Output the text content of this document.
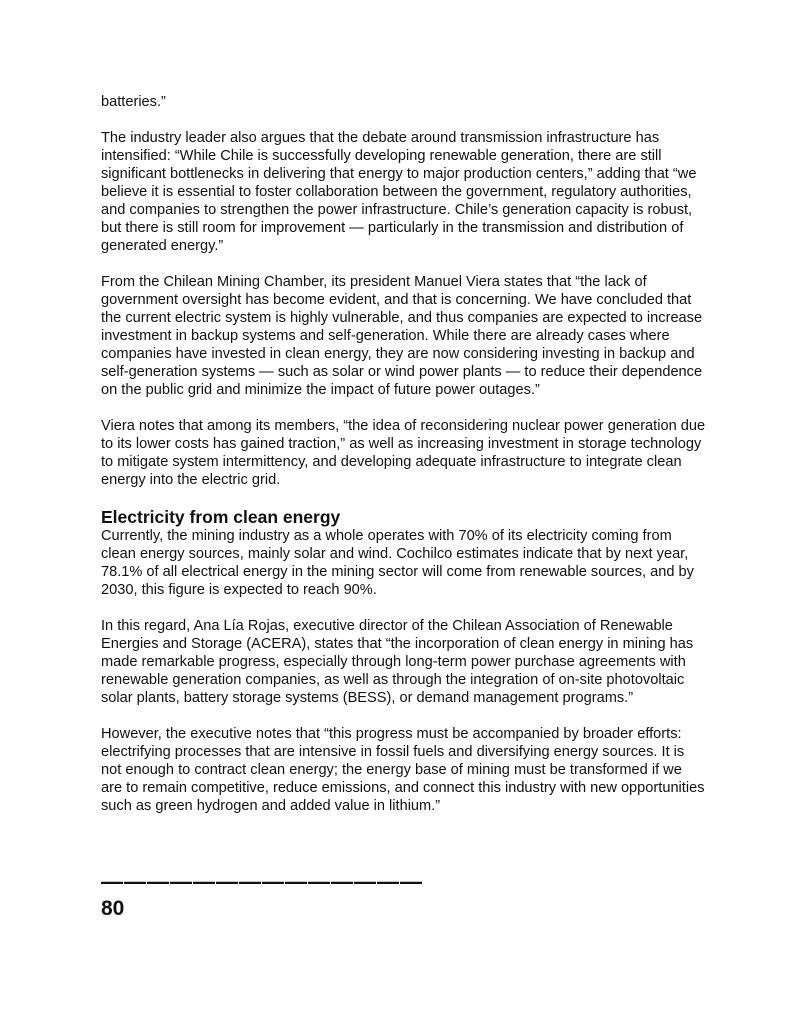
batteries.”

The industry leader also argues that the debate around transmission infrastructure has intensified: “While Chile is successfully developing renewable generation, there are still significant bottlenecks in delivering that energy to major production centers,” adding that “we believe it is essential to foster collaboration between the government, regulatory authorities, and companies to strengthen the power infrastructure. Chile’s generation capacity is robust, but there is still room for improvement — particularly in the transmission and distribution of generated energy.”

From the Chilean Mining Chamber, its president Manuel Viera states that “the lack of government oversight has become evident, and that is concerning. We have concluded that the current electric system is highly vulnerable, and thus companies are expected to increase investment in backup systems and self-generation. While there are already cases where companies have invested in clean energy, they are now considering investing in backup and self-generation systems — such as solar or wind power plants — to reduce their dependence on the public grid and minimize the impact of future power outages.”

Viera notes that among its members, “the idea of reconsidering nuclear power generation due to its lower costs has gained traction,” as well as increasing investment in storage technology to mitigate system intermittency, and developing adequate infrastructure to integrate clean energy into the electric grid.

Electricity from clean energy

Currently, the mining industry as a whole operates with 70% of its electricity coming from clean energy sources, mainly solar and wind. Cochilco estimates indicate that by next year, 78.1% of all electrical energy in the mining sector will come from renewable sources, and by 2030, this figure is expected to reach 90%.

In this regard, Ana Lía Rojas, executive director of the Chilean Association of Renewable Energies and Storage (ACERA), states that “the incorporation of clean energy in mining has made remarkable progress, especially through long-term power purchase agreements with renewable generation companies, as well as through the integration of on-site photovoltaic solar plants, battery storage systems (BESS), or demand management programs.”

However, the executive notes that “this progress must be accompanied by broader efforts: electrifying processes that are intensive in fossil fuels and diversifying energy sources. It is not enough to contract clean energy; the energy base of mining must be transformed if we are to remain competitive, reduce emissions, and connect this industry with new opportunities such as green hydrogen and added value in lithium.”

——————————————
80
